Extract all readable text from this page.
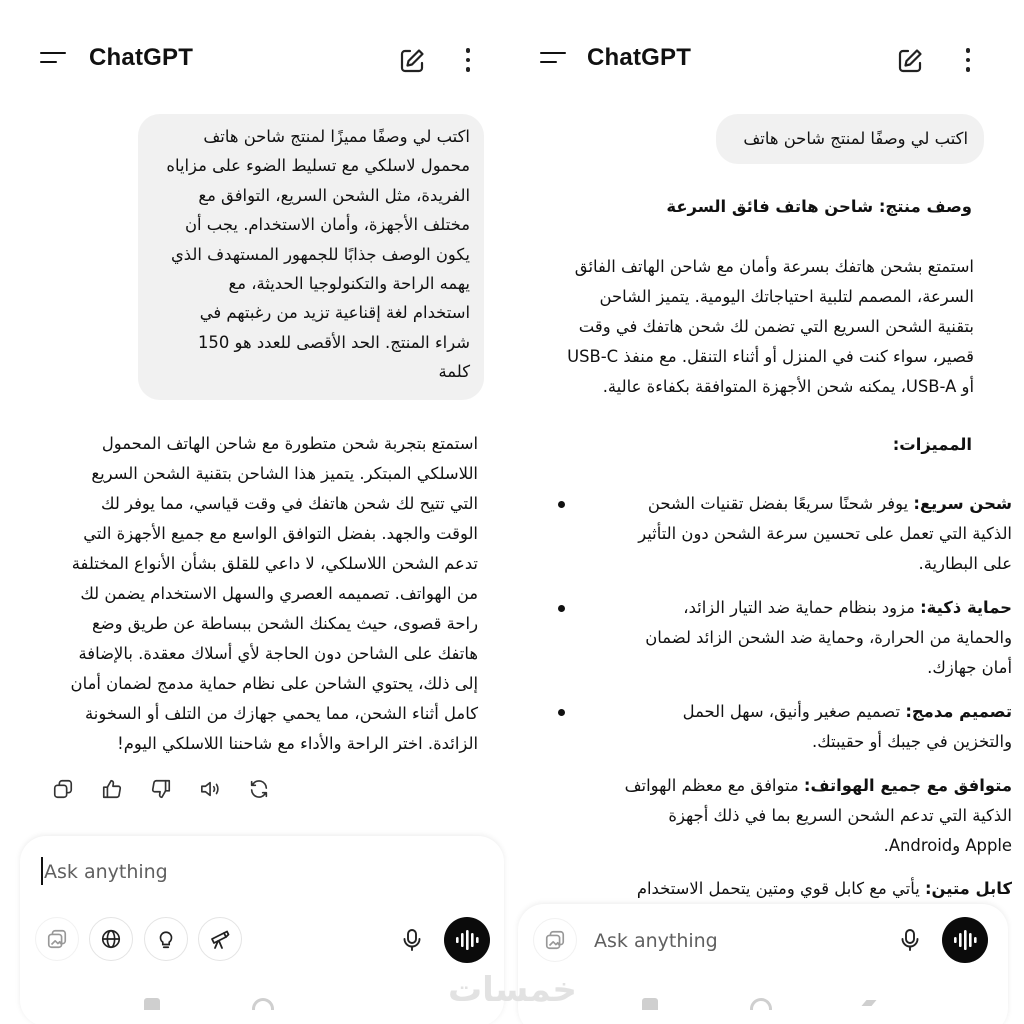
ChatGPT
اكتب لي وصفًا مميزًا لمنتج شاحن هاتف
محمول لاسلكي مع تسليط الضوء على مزاياه
الفريدة، مثل الشحن السريع، التوافق مع
مختلف الأجهزة، وأمان الاستخدام. يجب أن
يكون الوصف جذابًا للجمهور المستهدف الذي
يهمه الراحة والتكنولوجيا الحديثة، مع
استخدام لغة إقناعية تزيد من رغبتهم في
شراء المنتج. الحد الأقصى للعدد هو 150
كلمة
استمتع بتجربة شحن متطورة مع شاحن الهاتف المحمول
اللاسلكي المبتكر. يتميز هذا الشاحن بتقنية الشحن السريع
التي تتيح لك شحن هاتفك في وقت قياسي، مما يوفر لك
الوقت والجهد. بفضل التوافق الواسع مع جميع الأجهزة التي
تدعم الشحن اللاسلكي، لا داعي للقلق بشأن الأنواع المختلفة
من الهواتف. تصميمه العصري والسهل الاستخدام يضمن لك
راحة قصوى، حيث يمكنك الشحن ببساطة عن طريق وضع
هاتفك على الشاحن دون الحاجة لأي أسلاك معقدة. بالإضافة
إلى ذلك، يحتوي الشاحن على نظام حماية مدمج لضمان أمان
كامل أثناء الشحن، مما يحمي جهازك من التلف أو السخونة
الزائدة. اختر الراحة والأداء مع شاحننا اللاسلكي اليوم!
Ask anything
ChatGPT
اكتب لي وصفًا لمنتج شاحن هاتف
وصف منتج: شاحن هاتف فائق السرعة
استمتع بشحن هاتفك بسرعة وأمان مع شاحن الهاتف الفائق
السرعة، المصمم لتلبية احتياجاتك اليومية. يتميز الشاحن
بتقنية الشحن السريع التي تضمن لك شحن هاتفك في وقت
قصير، سواء كنت في المنزل أو أثناء التنقل. مع منفذ USB-C
أو USB-A، يمكنه شحن الأجهزة المتوافقة بكفاءة عالية.
المميزات:
شحن سريع: يوفر شحنًا سريعًا بفضل تقنيات الشحن
الذكية التي تعمل على تحسين سرعة الشحن دون التأثير
على البطارية.
حماية ذكية: مزود بنظام حماية ضد التيار الزائد،
والحماية من الحرارة، وحماية ضد الشحن الزائد لضمان
أمان جهازك.
تصميم مدمج: تصميم صغير وأنيق، سهل الحمل
والتخزين في جيبك أو حقيبتك.
متوافق مع جميع الهواتف: متوافق مع معظم الهواتف
الذكية التي تدعم الشحن السريع بما في ذلك أجهزة
Apple وAndroid.
كابل متين: يأتي مع كابل قوي ومتين يتحمل الاستخدام
Ask anything
خمسات
